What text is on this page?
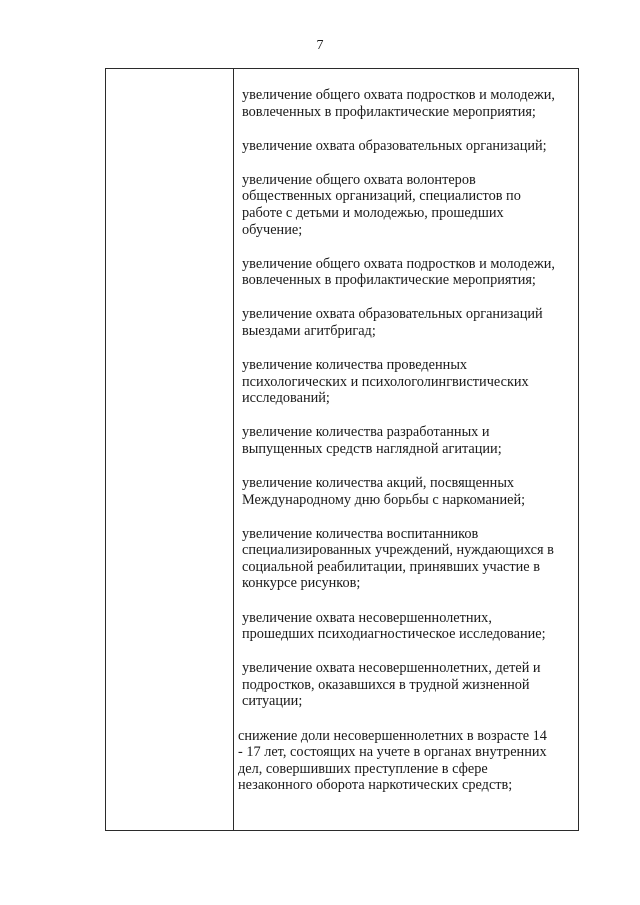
7

увеличение общего охвата подростков и молодежи,
вовлеченных в профилактические мероприятия;

увеличение охвата образовательных организаций;

увеличение общего охвата волонтеров
общественных организаций, специалистов по
работе с детьми и молодежью, прошедших
обучение;

увеличение общего охвата подростков и молодежи,
вовлеченных в профилактические мероприятия;

увеличение охвата образовательных организаций
выездами агитбригад;

увеличение количества проведенных
психологических и психологолингвистических
исследований;

увеличение количества разработанных и
выпущенных средств наглядной агитации;

увеличение количества акций, посвященных
Международному дню борьбы с наркоманией;

увеличение количества воспитанников
специализированных учреждений, нуждающихся в
социальной реабилитации, принявших участие в
конкурсе рисунков;

увеличение охвата несовершеннолетних,
прошедших психодиагностическое исследование;

увеличение охвата несовершеннолетних, детей и
подростков, оказавшихся в трудной жизненной
ситуации;

снижение доли несовершеннолетних в возрасте 14
- 17 лет, состоящих на учете в органах внутренних
дел, совершивших преступление в сфере
незаконного оборота наркотических средств;
